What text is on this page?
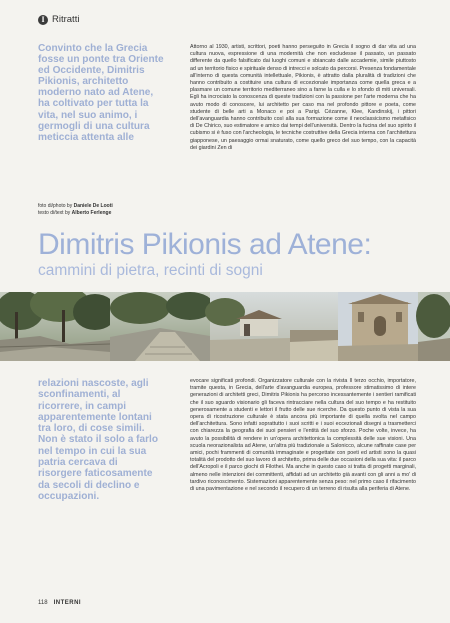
I Ritratti
Convinto che la Grecia fosse un ponte tra Oriente ed Occidente, Dimitris Pikionis, architetto moderno nato ad Atene, ha coltivato per tutta la vita, nel suo animo, i germogli di una cultura meticcia attenta alle
foto di/photo by Daniele De Looti
testo di/text by Alberto Ferlenge
Attorno al 1930, artisti, scrittori, poeti hanno perseguito in Grecia il sogno di dar vita ad una cultura nuova, espressione di una modernità che non escludesse il passato, un passato differente da quello falsificato dai luoghi comuni e sbiancato dalle accademie, simile piuttosto ad un territorio fisico e spirituale denso di intrecci e solcato da percorsi. Presenza fondamentale all'interno di questa comunità intellettuale, Pikionis, è attratto dalla pluralità di tradizioni che hanno contribuito a costituire una cultura di eccezionale importanza come quella greca e a plasmare un comune territorio mediterraneo sino a farne la culla e lo sfondo di miti universali. Egli ha incrociato la conoscenza di queste tradizioni con la passione per l'arte moderna che ha avuto modo di conoscere, lui architetto per caso ma nel profondo pittore e poeta, come studente di belle arti a Monaco e poi a Parigi. Cézanne, Klee, Kandinskij, i pittori dell'avanguardia hanno contribuito così alla sua formazione come il neoclassicismo metafisico di De Chirico, suo estimatore e amico dai tempi dell'università. Dentro la fucina del suo spirito il cubismo si è fuso con l'archeologia, le tecniche costruttive della Grecia interna con l'architettura giapponese, un paesaggio ormai snaturato, come quello greco del suo tempo, con la capacità dei giardini Zen di
Dimitris Pikionis ad Atene:
cammini di pietra, recinti di sogni
relazioni nascoste, agli sconfinamenti, al ricorrere, in campi apparentemente lontani tra loro, di cose simili. Non è stato il solo a farlo nel tempo in cui la sua patria cercava di risorgere faticosamente da secoli di declino e occupazioni.
evocare significati profondi. Organizzatore culturale con la rivista Il terzo occhio, importatore, tramite questa, in Grecia, dell'arte d'avanguardia europea, professore stimatissimo di intere generazioni di architetti greci, Dimitris Pikionis ha percorso incessantemente i sentieri ramificati che il suo sguardo visionario gli faceva rintracciare nella cultura del suo tempo e ha restituito generosamente a studenti e lettori il frutto delle sue ricerche. Da questo punto di vista la sua opera di ricostruzione culturale è stata ancora più importante di quella svolta nel campo dell'architettura. Sono infatti soprattutto i suoi scritti e i suoi eccezionali disegni a trasmetterci con chiarezza la geografia dei suoi pensieri e l'entità del suo sforzo. Poche volte, invece, ha avuto la possibilità di rendere in un'opera architettonica la complessità delle sue visioni. Una scuola neorazionalista ad Atene, un'altra più tradizionale a Salonicco, alcune raffinate case per amici, pochi frammenti di comunità immaginate e progettate con poeti ed artisti sono la quasi totalità del prodotto del suo lavoro di architetto, prima delle due occasioni della sua vita: il parco dell'Acropoli e il parco giochi di Filothei. Ma anche in questo caso si tratta di progetti marginali, almeno nelle intenzioni dei committenti, affidati ad un architetto già avanti con gli anni a mo' di tardivo riconoscimento. Sistemazioni apparentemente senza peso: nel primo caso il rifacimento di una pavimentazione e nel secondo il recupero di un terreno di risulta alla periferia di Atene.
118 INTERNI
